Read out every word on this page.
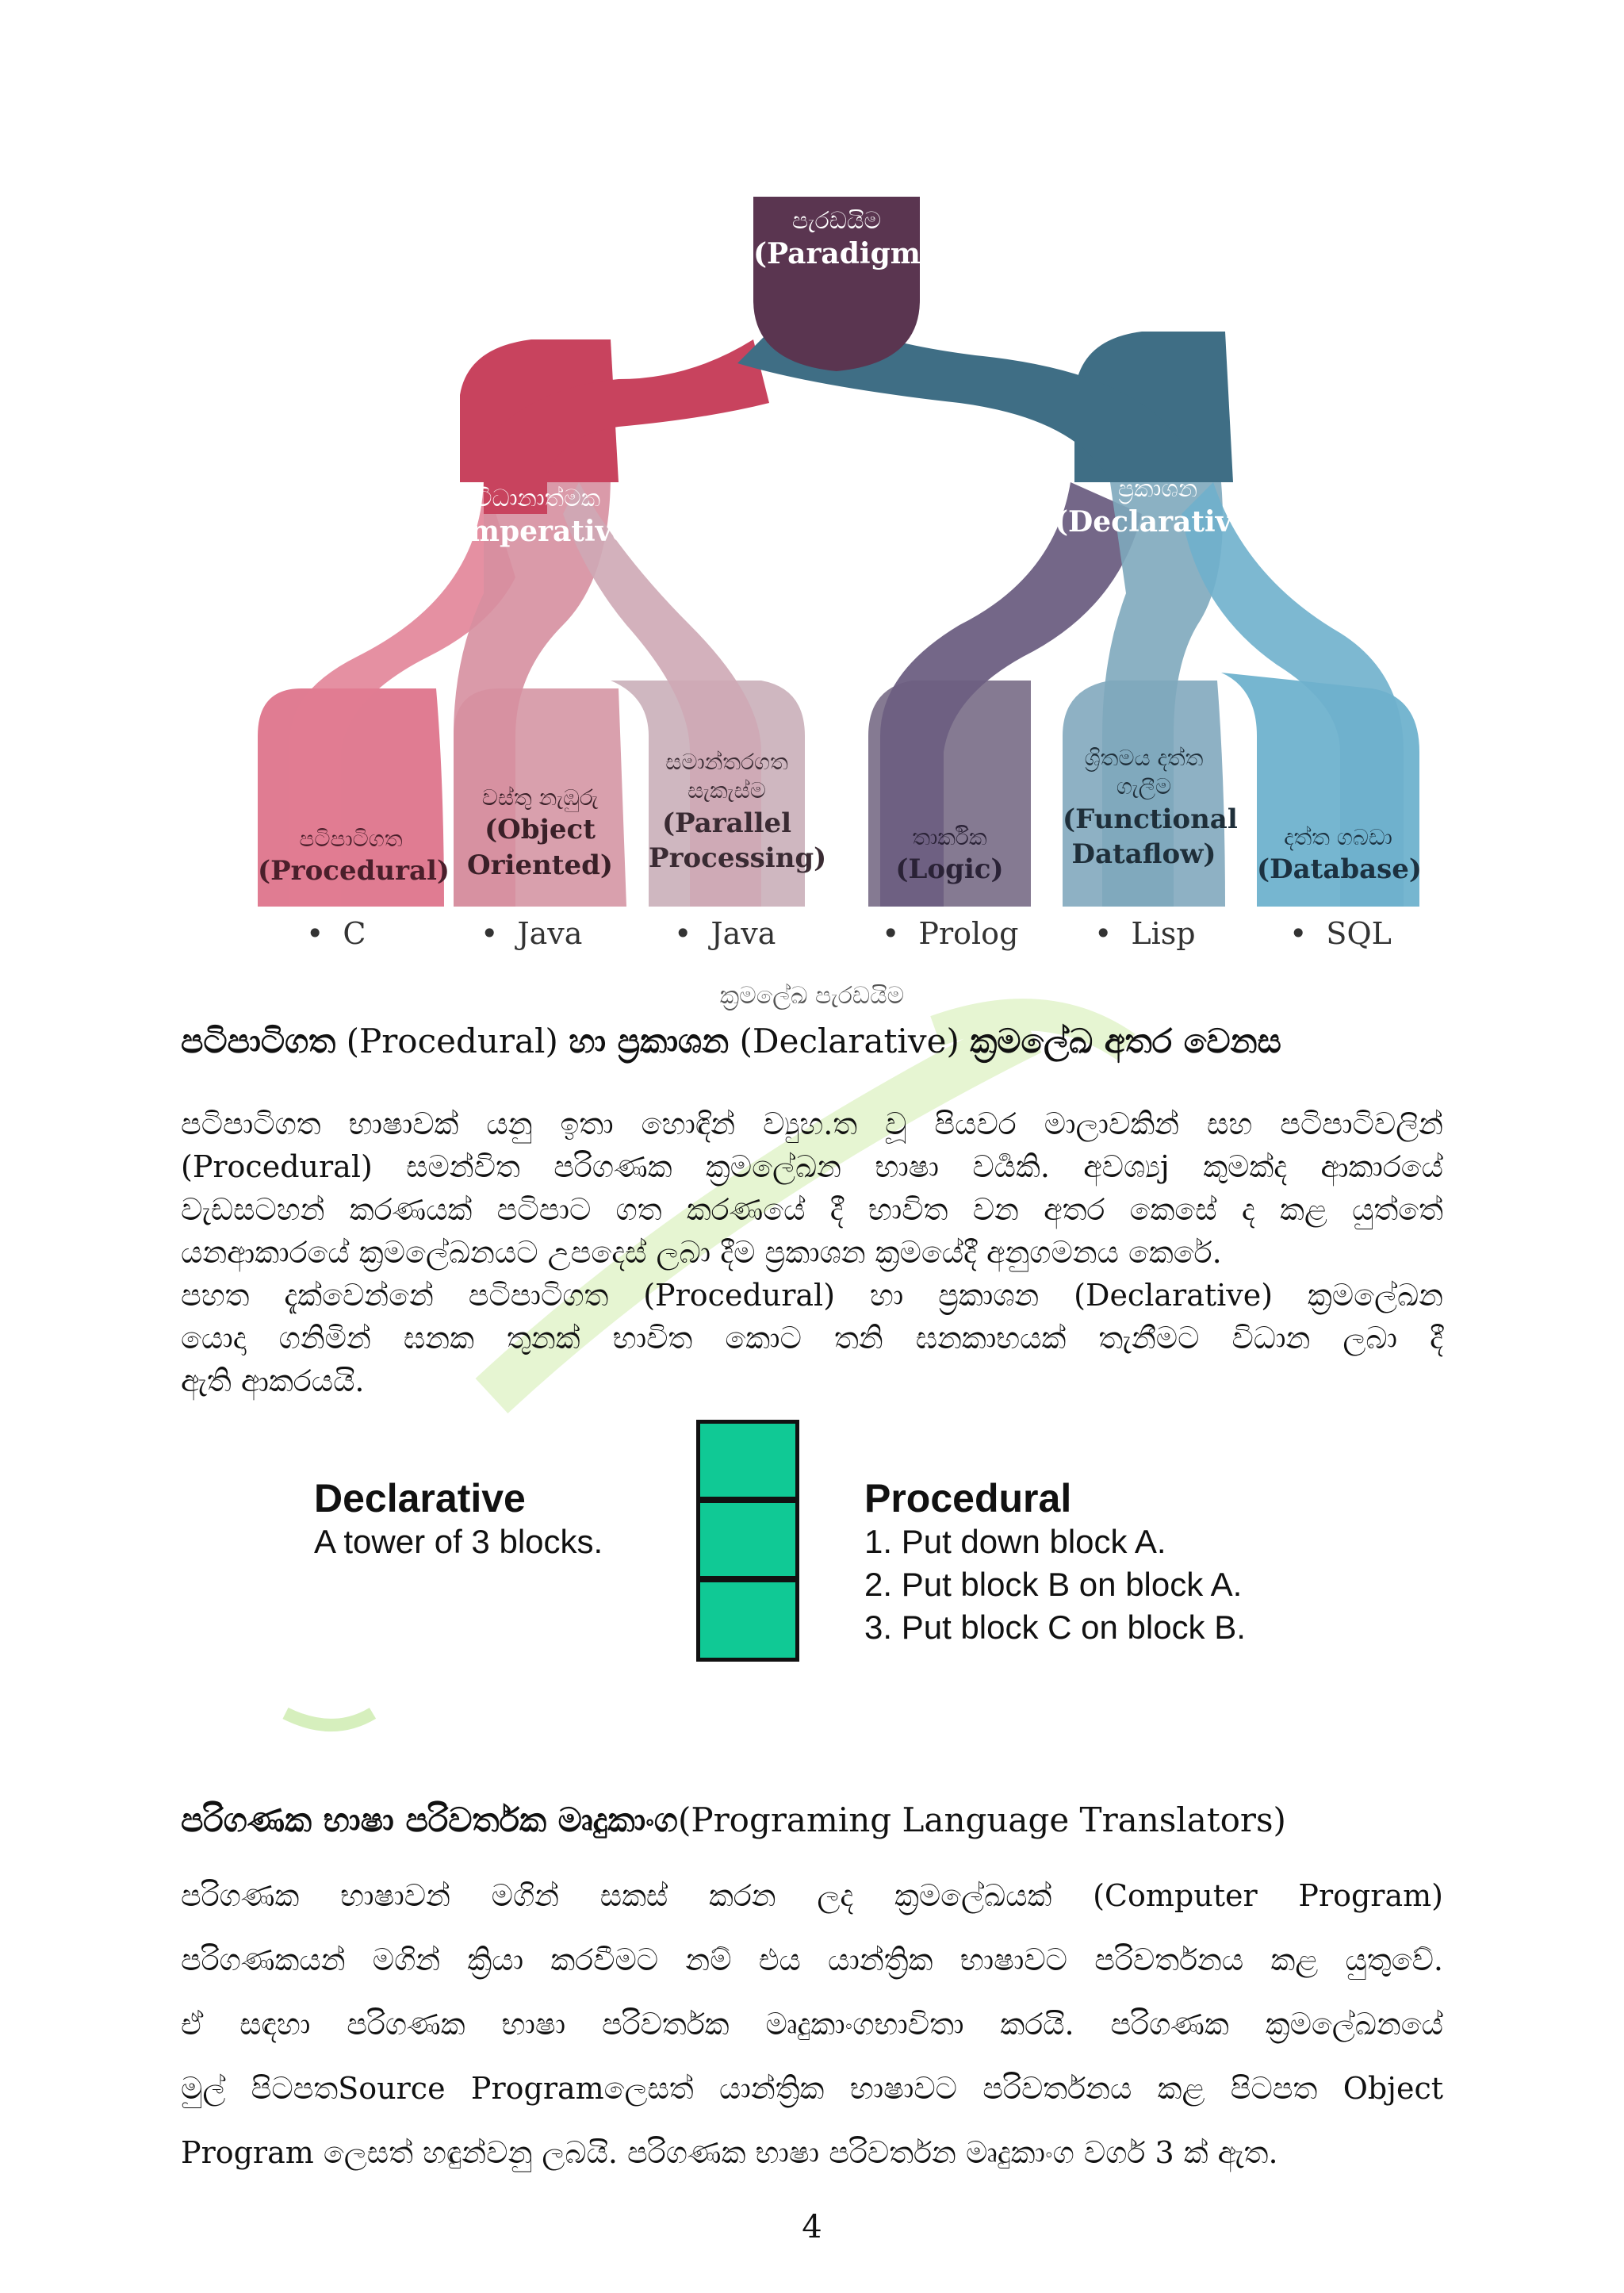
පැරඩයිම
(Paradigms)
විධානාත්මක
(Imperative)
ප්‍රකාශන
(Declarative)
පටිපාටිගත
(Procedural)
වස්තු නැඹුරු
(Object Oriented)
සමාන්තරගත සැකැස්ම
(Parallel Processing)
තාර්කික
(Logic)
ශ්‍රිතමය දත්ත ගැලීම
(Functional Dataflow)
දත්ත ගබඩා
(Database)
• C	• Java	• Java	• Prolog	• Lisp	• SQL
ක්‍රමලේඛ පැරඩයිම
පටිපාටිගත (Procedural) හා ප්‍රකාශන (Declarative) ක්‍රමලේඛ අතර වෙනස
පටිපාටිගත භාෂාවක් යනු ඉතා හොඳින් ව්‍යුහ.ත වූ පියවර මාලාවකින් සහ පටිපාටිවලින්
(Procedural) සමන්විත පරිගණක ක්‍රමලේඛන භාෂා වර්‍යකි. අවශ්‍යj කුමක්ද ආකාරයේ
වැඩසටහන් කරණයක් පටිපාට ගත කරණයේ දී භාවිත වන අතර කෙසේ ද කළ යුත්තේ
යනආකාරයේ ක්‍රමලේඛනයට උපදෙස් ලබා දීම ප්‍රකාශන ක්‍රමයේදී අනුගමනය කෙරේ.
පහත දැක්වෙන්නේ පටිපාටිගත (Procedural) හා ප්‍රකාශන (Declarative) ක්‍රමලේඛන
යොදා ගනිමින් ඝනක තුනක් භාවිත කොට තනි ඝනකාභයක් තැනීමට විධාන ලබා දී
ඇති ආකරයයි.
Declarative
A tower of 3 blocks.
Procedural
1. Put down block A.
2. Put block B on block A.
3. Put block C on block B.
පරිගණක භාෂා පරිවර්තක මෘදුකාංග(Programing Language Translators)
පරිගණක භාෂාවන් මගින් සකස් කරන ලද ක්‍රමලේඛයක් (Computer Program)
පරිගණකයන් මගින් ක්‍රියා කරවීමට නම් එය යාන්ත්‍රික භාෂාවට පරිවර්තනය කළ යුතුවේ.
ඒ සඳහා පරිගණක භාෂා පරිවර්තක මෘදුකාංගභාවිතා කරයි. පරිගණක ක්‍රමලේඛනයේ
මුල් පිටපතSource Programලෙසත් යාන්ත්‍රික භාෂාවට පරිවර්තනය කළ පිටපත Object
Program ලෙසත් හඳුන්වනු ලබයි. පරිගණක භාෂා පරිවර්තන මෘදුකාංග වර්ග 3 ක් ඇත.
4
